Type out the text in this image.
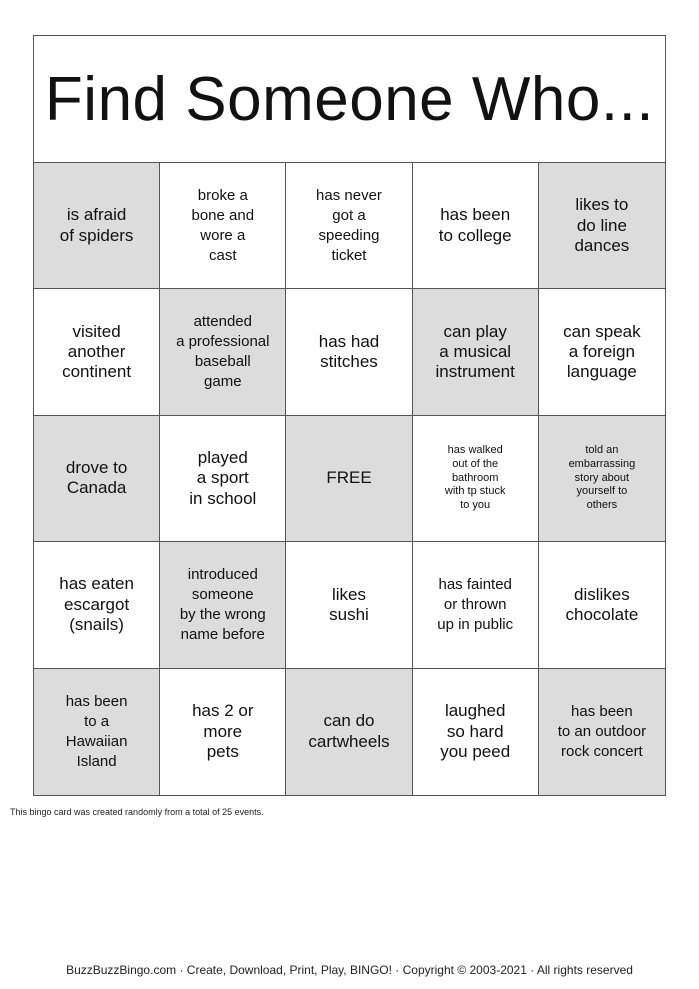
Find Someone Who...
is afraid
of spiders
broke a
bone and
wore a
cast
has never
got a
speeding
ticket
has been
to college
likes to
do line
dances
visited
another
continent
attended
a professional
baseball
game
has had
stitches
can play
a musical
instrument
can speak
a foreign
language
drove to
Canada
played
a sport
in school
FREE
has walked
out of the
bathroom
with tp stuck
to you
told an
embarrassing
story about
yourself to
others
has eaten
escargot
(snails)
introduced
someone
by the wrong
name before
likes
sushi
has fainted
or thrown
up in public
dislikes
chocolate
has been
to a
Hawaiian
Island
has 2 or
more
pets
can do
cartwheels
laughed
so hard
you peed
has been
to an outdoor
rock concert
This bingo card was created randomly from a total of 25 events.
BuzzBuzzBingo.com · Create, Download, Print, Play, BINGO! · Copyright © 2003-2021 · All rights reserved
